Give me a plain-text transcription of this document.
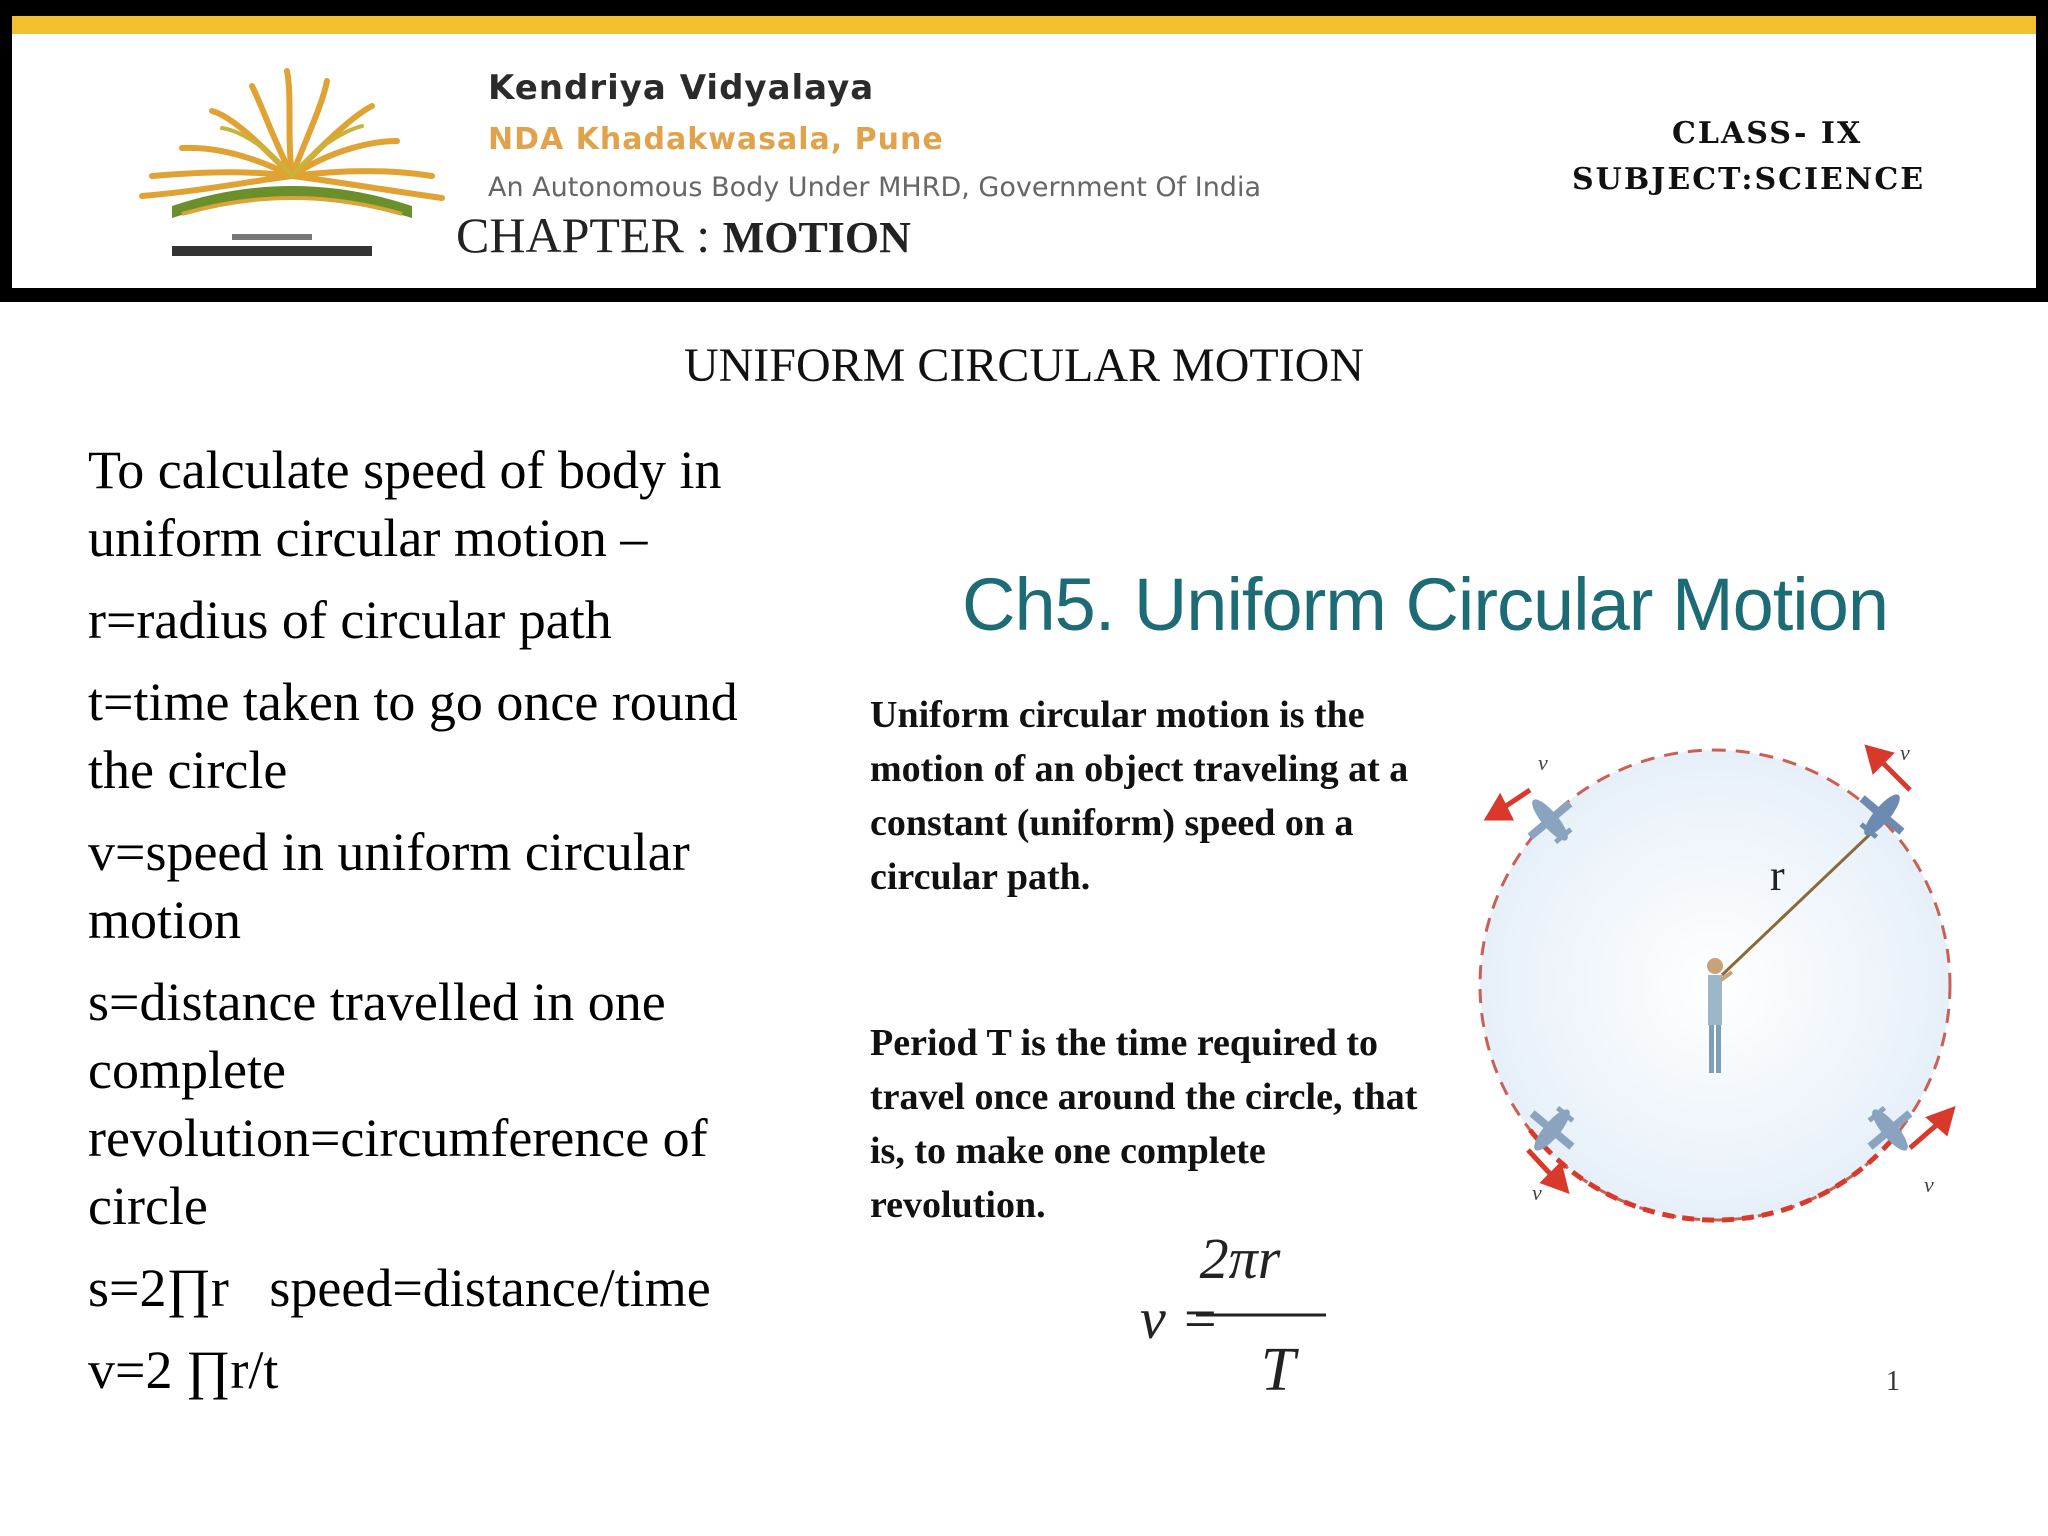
Kendriya Vidyalaya
NDA Khadakwasala, Pune
An Autonomous Body Under MHRD, Government Of India
CHAPTER : MOTION
CLASS- IX
SUBJECT:SCIENCE
UNIFORM CIRCULAR MOTION
To calculate speed of body in uniform circular motion –
r=radius of circular path
t=time taken to go once round the circle
v=speed in uniform circular motion
s=distance travelled in one complete revolution=circumference of circle
s=2∏r   speed=distance/time
v=2 ∏r/t
Ch5. Uniform Circular Motion
Uniform circular motion is the motion of an object traveling at a constant (uniform) speed on a circular path.
Period T is the time required to travel once around the circle, that is, to make one complete revolution.
v =
2πr
T
r
v	v
v	v
1
